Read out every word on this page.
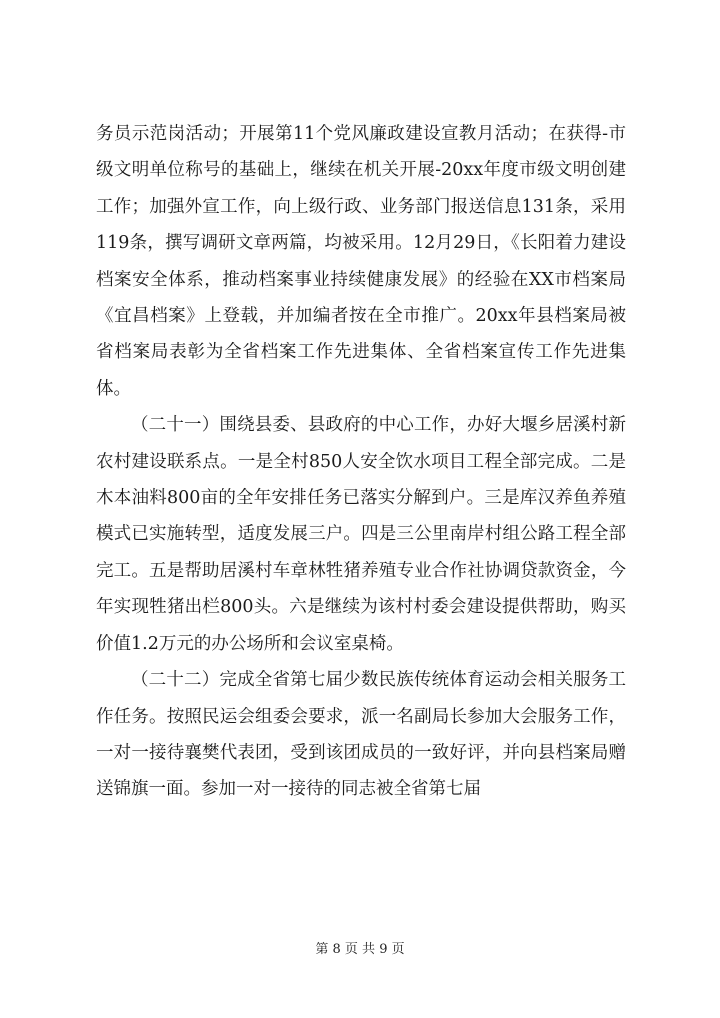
务员示范岗活动；开展第11个党风廉政建设宣教月活动；在获得-市级文明单位称号的基础上，继续在机关开展-20xx年度市级文明创建工作；加强外宣工作，向上级行政、业务部门报送信息131条，采用119条，撰写调研文章两篇，均被采用。12月29日，《长阳着力建设档案安全体系，推动档案事业持续健康发展》的经验在XX市档案局《宜昌档案》上登载，并加编者按在全市推广。20xx年县档案局被省档案局表彰为全省档案工作先进集体、全省档案宣传工作先进集体。

（二十一）围绕县委、县政府的中心工作，办好大堰乡居溪村新农村建设联系点。一是全村850人安全饮水项目工程全部完成。二是木本油料800亩的全年安排任务已落实分解到户。三是库汉养鱼养殖模式已实施转型，适度发展三户。四是三公里南岸村组公路工程全部完工。五是帮助居溪村车章林牲猪养殖专业合作社协调贷款资金，今年实现牲猪出栏800头。六是继续为该村村委会建设提供帮助，购买价值1.2万元的办公场所和会议室桌椅。

（二十二）完成全省第七届少数民族传统体育运动会相关服务工作任务。按照民运会组委会要求，派一名副局长参加大会服务工作，一对一接待襄樊代表团，受到该团成员的一致好评，并向县档案局赠送锦旗一面。参加一对一接待的同志被全省第七届

第 8 页 共 9 页
